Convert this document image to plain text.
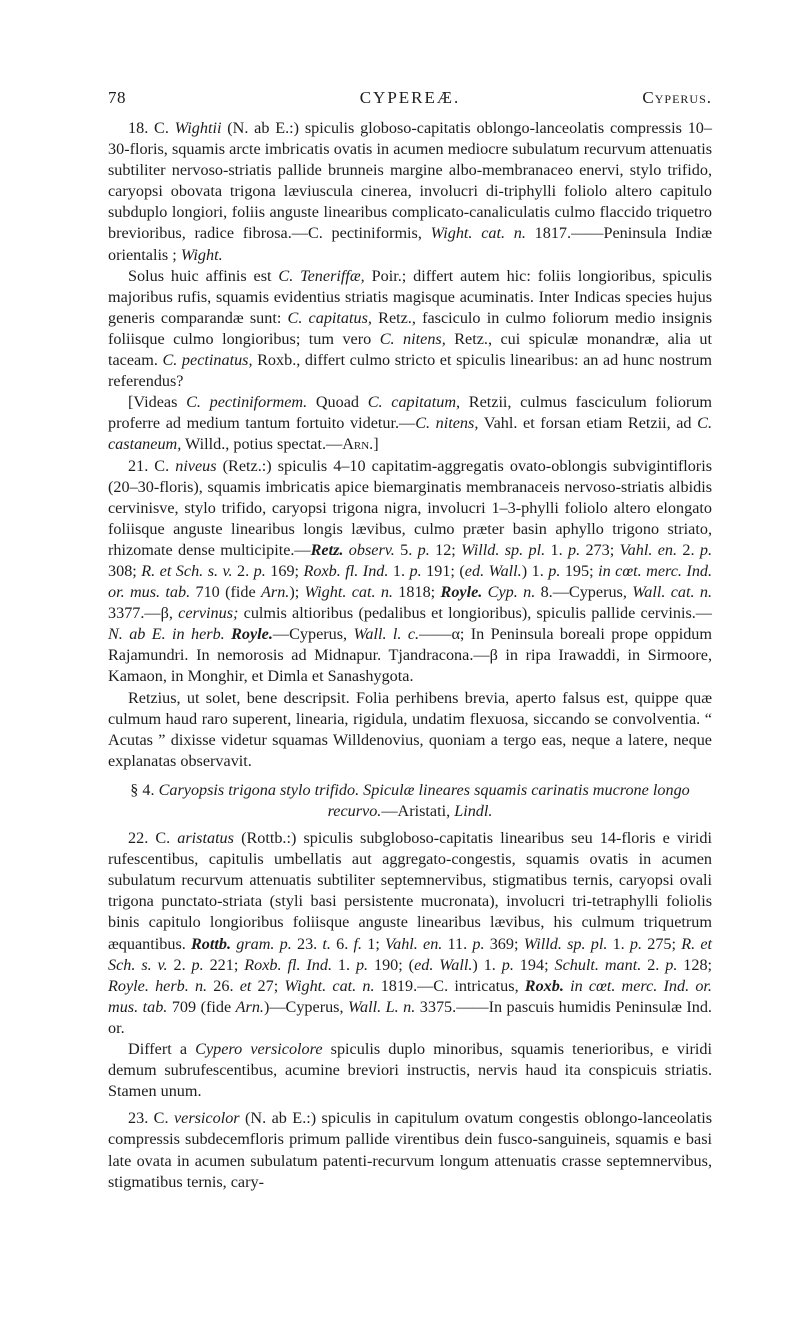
78	CYPEREÆ.	Cyperus.

18. C. Wightii (N. ab E.:) spiculis globoso-capitatis oblongo-lanceolatis compressis 10–30-floris, squamis arcte imbricatis ovatis in acumen mediocre subulatum recurvum attenuatis subtiliter nervoso-striatis pallide brunneis margine albo-membranaceo enervi, stylo trifido, caryopsi obovata trigona læviuscula cinerea, involucri di-triphylli foliolo altero capitulo subduplo longiori, foliis anguste linearibus complicato-canaliculatis culmo flaccido triquetro brevioribus, radice fibrosa.—C. pectiniformis, Wight. cat. n. 1817.——Peninsula Indiæ orientalis ; Wight.

Solus huic affinis est C. Teneriffæ, Poir.; differt autem hic: foliis longioribus, spiculis majoribus rufis, squamis evidentius striatis magisque acuminatis. Inter Indicas species hujus generis comparandæ sunt: C. capitatus, Retz., fasciculo in culmo foliorum medio insignis foliisque culmo longioribus; tum vero C. nitens, Retz., cui spiculæ monandræ, alia ut taceam. C. pectinatus, Roxb., differt culmo stricto et spiculis linearibus: an ad hunc nostrum referendus?

[Videas C. pectiniformem. Quoad C. capitatum, Retzii, culmus fasciculum foliorum proferre ad medium tantum fortuito videtur.—C. nitens, Vahl. et forsan etiam Retzii, ad C. castaneum, Willd., potius spectat.—Arn.]

21. C. niveus (Retz.:) spiculis 4–10 capitatim-aggregatis ovato-oblongis subvigintifloris (20–30-floris), squamis imbricatis apice biemarginatis membranaceis nervoso-striatis albidis cervinisve, stylo trifido, caryopsi trigona nigra, involucri 1–3-phylli foliolo altero elongato foliisque anguste linearibus longis lævibus, culmo præter basin aphyllo trigono striato, rhizomate dense multicipite.—Retz. observ. 5. p. 12; Willd. sp. pl. 1. p. 273; Vahl. en. 2. p. 308; R. et Sch. s. v. 2. p. 169; Roxb. fl. Ind. 1. p. 191; (ed. Wall.) 1. p. 195; in cœt. merc. Ind. or. mus. tab. 710 (fide Arn.); Wight. cat. n. 1818; Royle. Cyp. n. 8.—Cyperus, Wall. cat. n. 3377.—β, cervinus; culmis altioribus (pedalibus et longioribus), spiculis pallide cervinis.—N. ab E. in herb. Royle.—Cyperus, Wall. l. c.——α; In Peninsula boreali prope oppidum Rajamundri. In nemorosis ad Midnapur. Tjandracona.—β in ripa Irawaddi, in Sirmoore, Kamaon, in Monghir, et Dimla et Sanashygota.

Retzius, ut solet, bene descripsit. Folia perhibens brevia, aperto falsus est, quippe quæ culmum haud raro superent, linearia, rigidula, undatim flexuosa, siccando se convolventia. “ Acutas ” dixisse videtur squamas Willdenovius, quoniam a tergo eas, neque a latere, neque explanatas observavit.

§ 4. Caryopsis trigona stylo trifido. Spiculæ lineares squamis carinatis mucrone longo recurvo.—Aristati, Lindl.

22. C. aristatus (Rottb.:) spiculis subgloboso-capitatis linearibus seu 14-floris e viridi rufescentibus, capitulis umbellatis aut aggregato-congestis, squamis ovatis in acumen subulatum recurvum attenuatis subtiliter septemnervibus, stigmatibus ternis, caryopsi ovali trigona punctato-striata (styli basi persistente mucronata), involucri tri-tetraphylli foliolis binis capitulo longioribus foliisque anguste linearibus lævibus, his culmum triquetrum æquantibus. Rottb. gram. p. 23. t. 6. f. 1; Vahl. en. 11. p. 369; Willd. sp. pl. 1. p. 275; R. et Sch. s. v. 2. p. 221; Roxb. fl. Ind. 1. p. 190; (ed. Wall.) 1. p. 194; Schult. mant. 2. p. 128; Royle. herb. n. 26. et 27; Wight. cat. n. 1819.—C. intricatus, Roxb. in cœt. merc. Ind. or. mus. tab. 709 (fide Arn.)—Cyperus, Wall. L. n. 3375.——In pascuis humidis Peninsulæ Ind. or.

Differt a Cypero versicolore spiculis duplo minoribus, squamis tenerioribus, e viridi demum subrufescentibus, acumine breviori instructis, nervis haud ita conspicuis striatis. Stamen unum.

23. C. versicolor (N. ab E.:) spiculis in capitulum ovatum congestis oblongo-lanceolatis compressis subdecemfloris primum pallide virentibus dein fusco-sanguineis, squamis e basi late ovata in acumen subulatum patenti-recurvum longum attenuatis crasse septemnervibus, stigmatibus ternis, cary-
